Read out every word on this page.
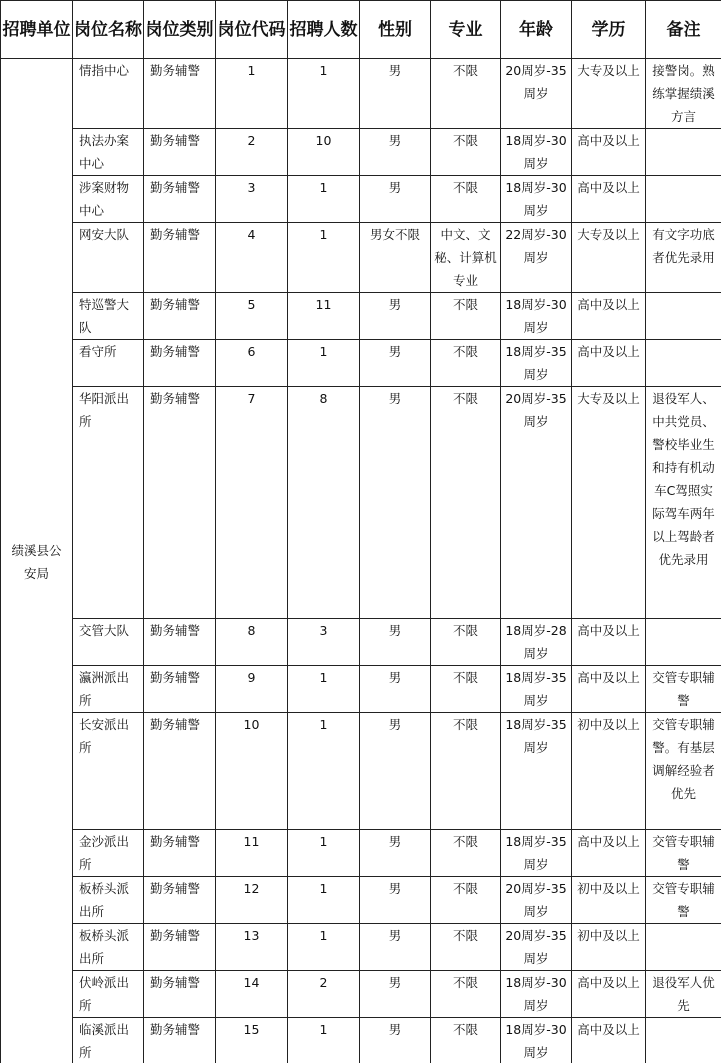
招聘单位	岗位名称	岗位类别	岗位代码	招聘人数	性别	专业	年龄	学历	备注
绩溪县公安局	情指中心	勤务辅警	1	1	男	不限	20周岁-35周岁	大专及以上	接警岗。熟练掌握绩溪方言
	执法办案中心	勤务辅警	2	10	男	不限	18周岁-30周岁	高中及以上	
	涉案财物中心	勤务辅警	3	1	男	不限	18周岁-30周岁	高中及以上	
	网安大队	勤务辅警	4	1	男女不限	中文、文秘、计算机专业	22周岁-30周岁	大专及以上	有文字功底者优先录用
	特巡警大队	勤务辅警	5	11	男	不限	18周岁-30周岁	高中及以上	
	看守所	勤务辅警	6	1	男	不限	18周岁-35周岁	高中及以上	
	华阳派出所	勤务辅警	7	8	男	不限	20周岁-35周岁	大专及以上	退役军人、中共党员、警校毕业生和持有机动车C驾照实际驾车两年以上驾龄者优先录用
	交管大队	勤务辅警	8	3	男	不限	18周岁-28周岁	高中及以上	
	瀛洲派出所	勤务辅警	9	1	男	不限	18周岁-35周岁	高中及以上	交管专职辅警
	长安派出所	勤务辅警	10	1	男	不限	18周岁-35周岁	初中及以上	交管专职辅警。有基层调解经验者优先
	金沙派出所	勤务辅警	11	1	男	不限	18周岁-35周岁	高中及以上	交管专职辅警
	板桥头派出所	勤务辅警	12	1	男	不限	20周岁-35周岁	初中及以上	交管专职辅警
	板桥头派出所	勤务辅警	13	1	男	不限	20周岁-35周岁	初中及以上	
	伏岭派出所	勤务辅警	14	2	男	不限	18周岁-30周岁	高中及以上	退役军人优先
	临溪派出所	勤务辅警	15	1	男	不限	18周岁-30周岁	高中及以上	
